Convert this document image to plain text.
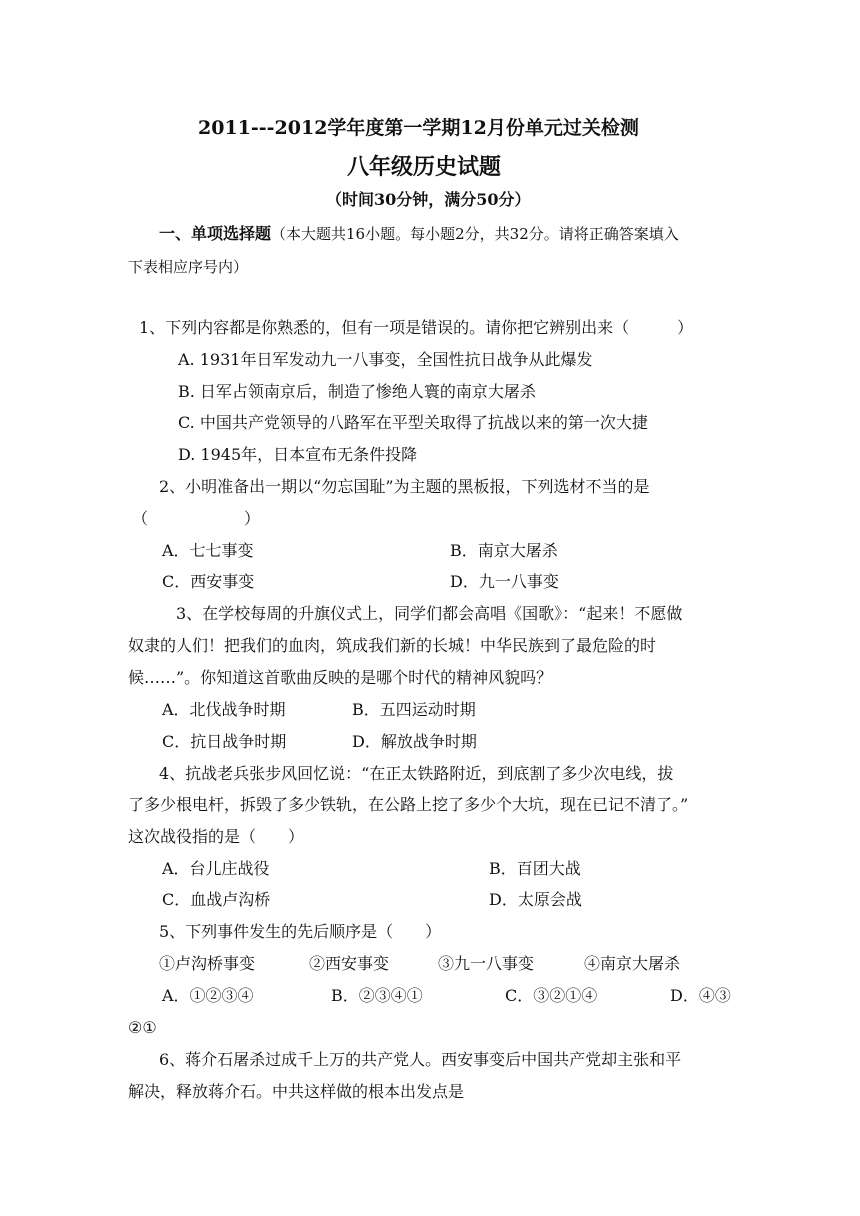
2011---2012学年度第一学期12月份单元过关检测
八年级历史试题
（时间30分钟，满分50分）
一、单项选择题（本大题共16小题。每小题2分，共32分。请将正确答案填入
下表相应序号内）
1、下列内容都是你熟悉的，但有一项是错误的。请你把它辨别出来（　　　）
A. 1931年日军发动九一八事变，全国性抗日战争从此爆发
B. 日军占领南京后，制造了惨绝人寰的南京大屠杀
C. 中国共产党领导的八路军在平型关取得了抗战以来的第一次大捷
D. 1945年，日本宣布无条件投降
2、小明准备出一期以“勿忘国耻”为主题的黑板报，下列选材不当的是
（　　　　　　）
A．七七事变	B．南京大屠杀
C．西安事变	D．九一八事变
3、在学校每周的升旗仪式上，同学们都会高唱《国歌》：“起来！不愿做
奴隶的人们！把我们的血肉，筑成我们新的长城！中华民族到了最危险的时
候……”。你知道这首歌曲反映的是哪个时代的精神风貌吗？
A．北伐战争时期	B．五四运动时期
C．抗日战争时期	D．解放战争时期
4、抗战老兵张步风回忆说：“在正太铁路附近，到底割了多少次电线，拔
了多少根电杆，拆毁了多少铁轨，在公路上挖了多少个大坑，现在已记不清了。”
这次战役指的是（　　）
A．台儿庄战役	B．百团大战
C．血战卢沟桥	D．太原会战
5、下列事件发生的先后顺序是（　　）
①卢沟桥事变	②西安事变	③九一八事变	④南京大屠杀
A．①②③④	B．②③④①	C．③②①④	D．④③
②①
6、蒋介石屠杀过成千上万的共产党人。西安事变后中国共产党却主张和平
解决，释放蒋介石。中共这样做的根本出发点是
